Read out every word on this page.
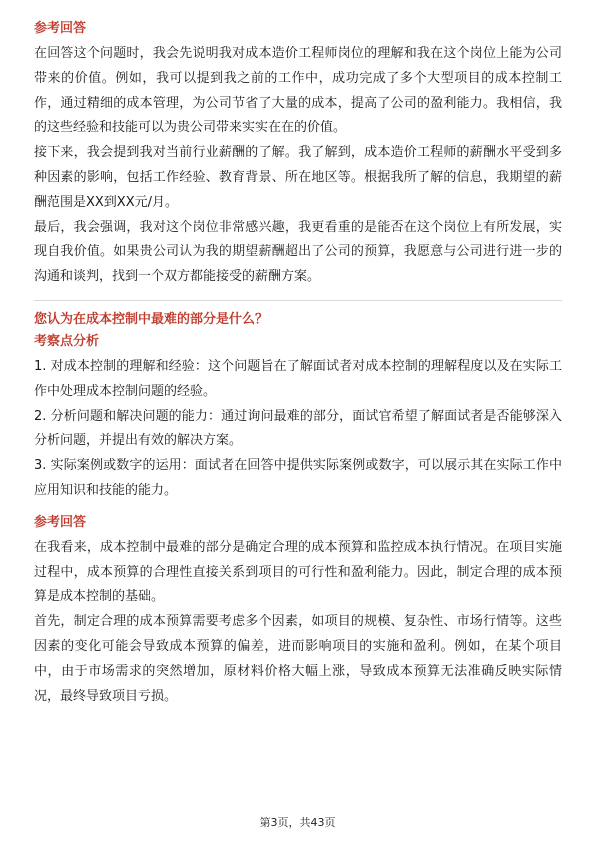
参考回答

在回答这个问题时，我会先说明我对成本造价工程师岗位的理解和我在这个岗位上能为公司带来的价值。例如，我可以提到我之前的工作中，成功完成了多个大型项目的成本控制工作，通过精细的成本管理，为公司节省了大量的成本，提高了公司的盈利能力。我相信，我的这些经验和技能可以为贵公司带来实实在在的价值。

接下来，我会提到我对当前行业薪酬的了解。我了解到，成本造价工程师的薪酬水平受到多种因素的影响，包括工作经验、教育背景、所在地区等。根据我所了解的信息，我期望的薪酬范围是XX到XX元/月。

最后，我会强调，我对这个岗位非常感兴趣，我更看重的是能否在这个岗位上有所发展，实现自我价值。如果贵公司认为我的期望薪酬超出了公司的预算，我愿意与公司进行进一步的沟通和谈判，找到一个双方都能接受的薪酬方案。

您认为在成本控制中最难的部分是什么？
考察点分析

1. 对成本控制的理解和经验：这个问题旨在了解面试者对成本控制的理解程度以及在实际工作中处理成本控制问题的经验。

2. 分析问题和解决问题的能力：通过询问最难的部分，面试官希望了解面试者是否能够深入分析问题，并提出有效的解决方案。

3. 实际案例或数字的运用：面试者在回答中提供实际案例或数字，可以展示其在实际工作中应用知识和技能的能力。

参考回答

在我看来，成本控制中最难的部分是确定合理的成本预算和监控成本执行情况。在项目实施过程中，成本预算的合理性直接关系到项目的可行性和盈利能力。因此，制定合理的成本预算是成本控制的基础。

首先，制定合理的成本预算需要考虑多个因素，如项目的规模、复杂性、市场行情等。这些因素的变化可能会导致成本预算的偏差，进而影响项目的实施和盈利。例如，在某个项目中，由于市场需求的突然增加，原材料价格大幅上涨，导致成本预算无法准确反映实际情况，最终导致项目亏损。

第3页，共43页
